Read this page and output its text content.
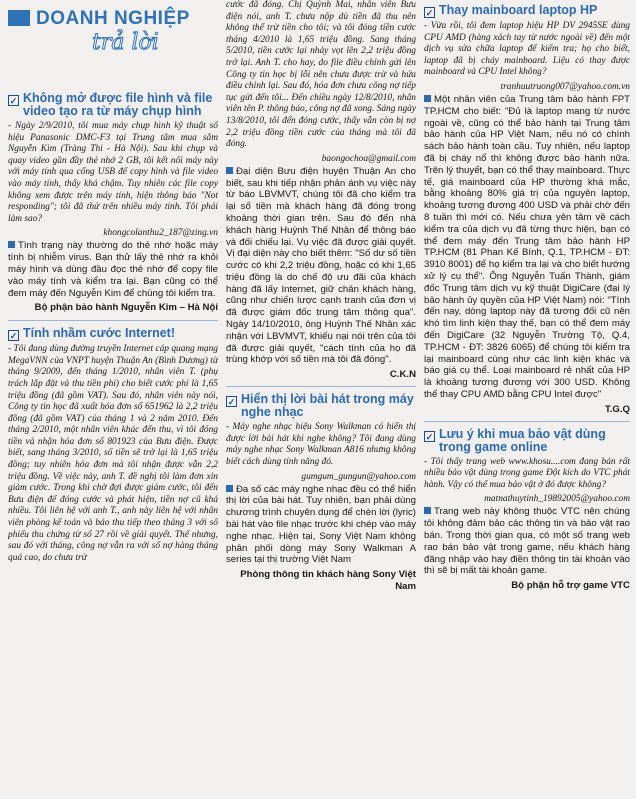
DOANH NGHIỆP
trả lời
✓ Không mở được file hình và file video tạo ra từ máy chụp hình

- Ngày 2/9/2010, tôi mua máy chụp hình kỹ thuật số hiệu Panasonic DMC-F3 tại Trung tâm mua sắm Nguyễn Kim (Tràng Thi - Hà Nội). Sau khi chụp và quay video gần đầy thẻ nhớ 2 GB, tôi kết nối máy này với máy tính qua cổng USB để copy hình và file video vào máy tính, thấy khá chậm. Tuy nhiên các file copy không xem được trên máy tính, hiện thông báo "Not responding"; tôi đã thử trên nhiều máy tính. Tôi phải làm sao?

khongcolanthu2_187@zing.vn

Tình trạng này thường do thẻ nhớ hoặc máy tính bị nhiễm virus. Bạn thử lấy thẻ nhớ ra khỏi máy hình và dùng đầu đọc thẻ nhớ để copy file vào máy tính và kiểm tra lại. Bạn cũng có thể đem máy đến Nguyễn Kim để chúng tôi kiểm tra.

Bộ phận bảo hành Nguyễn Kim – Hà Nội

✓ Tính nhầm cước Internet!

- Tôi đang dùng đường truyền Internet cáp quang mạng MegaVNN của VNPT huyện Thuận An (Bình Dương) từ tháng 9/2009, đến tháng 1/2010, nhân viên T. (phụ trách lắp đặt và thu tiền phí) cho biết cước phí là 1,65 triệu đồng (đã gồm VAT). Sau đó, nhân viên này nói, Công ty tin học đã xuất hóa đơn số 651962 là 2,2 triệu đồng (đã gồm VAT) của tháng 1 và 2 năm 2010. Đến tháng 2/2010, một nhân viên khác đến thu, vì tôi đóng tiền và nhận hóa đơn số 801923 của Bưu điện. Được biết, sang tháng 3/2010, số tiền sẽ trở lại là 1,65 triệu đồng; tuy nhiên hóa đơn mà tôi nhận được vẫn 2,2 triệu đồng. Về việc này, anh T. đề nghị tôi làm đơn xin giảm cước. Trong khi chờ đợi được giảm cước, tôi đến Bưu điện để đóng cước và phát hiện, tiền nợ cũ khá nhiều. Tôi liên hệ với anh T., anh này liên hệ với nhân viên phòng kế toán và báo thu tiếp theo tháng 3 với số phiếu thu chứng từ số 27 rồi về giải quyết. Thế nhưng, sau đó với tháng, công nợ vẫn ra với số nợ hàng tháng quá cao, do chưa trừ

cước đã đóng. Chị Quỳnh Mai, nhân viên Bưu điện nói, anh T. chưa nộp dù tiền đã thu nên không thể trừ tiền cho tôi; và tôi đóng tiền cước tháng 4/2010 là 1,65 triệu đồng. Sang tháng 5/2010, tiền cước lại nhảy vọt lên 2,2 triệu đồng trở lại. Anh T. cho hay, do file điều chỉnh gửi lên Công ty tin học bị lỗi nên chưa được trừ và hứa điều chỉnh lại. Sau đó, hóa đơn chưa công nợ tiếp tục gửi đến tôi... Đến chiều ngày 12/8/2010, nhân viên tên P. thông báo, công nợ đã xong. Sáng ngày 13/8/2010, tôi đến đóng cước, thấy vẫn còn bị nợ 2,2 triệu đồng tiền cước của tháng mà tôi đã đóng.

baongochoa@gmail.com

Đại diện Bưu điện huyện Thuận An cho biết, sau khi tiếp nhận phản ánh vụ việc này từ báo LBVMVT, chúng tôi đã cho kiểm tra lại số tiền mà khách hàng đã đóng trong khoảng thời gian trên. Sau đó đến nhà khách hàng Huỳnh Thế Nhân để thông báo và đối chiếu lại. Vụ việc đã được giải quyết. Vị đại diện này cho biết thêm: "Số dư số tiền cước có khi 2,2 triệu đồng, hoặc có khi 1,65 triệu đồng là do chế độ ưu đãi của khách hàng đã lấy Internet, giữ chân khách hàng, cũng như chiến lược cạnh tranh của đơn vị đã được giám đốc trung tâm thông qua". Ngày 14/10/2010, ông Huỳnh Thế Nhân xác nhận với LBVMVT, khiếu nại nói trên của tôi đã được giải quyết, "cách tính của họ đã trùng khớp với số tiền mà tôi đã đóng".

C.K.N

✓ Hiển thị lời bài hát trong máy nghe nhạc

- Máy nghe nhạc hiệu Sony Walkman có hiển thị được lời bài hát khi nghe không? Tôi đang dùng máy nghe nhạc Sony Walkman A816 nhưng không biết cách dùng tính năng đó.

gumgum_gungun@yahoo.com

Đa số các máy nghe nhạc đều có thể hiển thị lời của bài hát. Tuy nhiên, bạn phải dùng chương trình chuyên dụng để chèn lời (lyric) bài hát vào file nhạc trước khi chép vào máy nghe nhạc. Hiện tại, Sony Việt Nam không phân phối dòng máy Sony Walkman A series tại thị trường Việt Nam

Phòng thông tin khách hàng Sony Việt Nam

✓ Thay mainboard laptop HP

- Vừa rồi, tôi đem laptop hiệu HP DV 2945SE dùng CPU AMD (hàng xách tay từ nước ngoài về) đến một dịch vụ sửa chữa laptop để kiểm tra; họ cho biết, laptop đã bị cháy mainboard. Liệu có thay được mainboard và CPU Intel không?

tranhuutruong007@yahoo.com.vn

Một nhân viên của Trung tâm bảo hành FPT TP.HCM cho biết: "Đủ là laptop mang từ nước ngoài về, cũng có thể bảo hành tại Trung tâm bảo hành của HP Việt Nam, nếu nó có chính sách bảo hành toàn cầu. Tuy nhiên, nếu laptop đã bị cháy nổ thì không được bảo hành nữa. Trên lý thuyết, bạn có thể thay mainboard. Thực tế, giá mainboard của HP thường khá mắc, bằng khoảng 80% giá trị của nguyên laptop, khoảng tương đương 400 USD và phải chờ đến 8 tuần thì mới có. Nếu chưa yên tâm về cách kiểm tra của dịch vụ đã từng thực hiện, bạn có thể đem máy đến Trung tâm bảo hành HP TP.HCM (81 Phan Kế Bính, Q.1, TP.HCM - ĐT: 3910 8001) để họ kiểm tra lại và cho biết hướng xử lý cụ thể". Ông Nguyễn Tuấn Thành, giám đốc Trung tâm dịch vụ kỹ thuật DigiCare (đại lý bảo hành ủy quyền của HP Việt Nam) nói: "Tính đến nay, dòng laptop này đã tương đối cũ nên khó tìm linh kiện thay thế, bạn có thể đem máy đến DigiCare (32 Nguyễn Trường Tộ, Q.4, TP.HCM - ĐT: 3826 6065) để chúng tôi kiểm tra lại mainboard cùng như các linh kiện khác và báo giá cụ thể. Loại mainboard rẻ nhất của HP là khoảng tương đương với 300 USD. Không thể thay CPU AMD bằng CPU Intel được"

T.G.Q

✓ Lưu ý khi mua bảo vật dùng trong game online

- Tôi thấy trang web www.khosu....com đang bán rất nhiều bảo vật dùng trong game Đột kích do VTC phát hành. Vậy có thể mua bảo vật ở đó được không?

matnathuytinh_19892005@yahoo.com

Trang web này không thuộc VTC nên chúng tôi không đảm bảo các thông tin và bảo vật rao bán. Trong thời gian qua, có một số trang web rao bán bảo vật trong game, nếu khách hàng đăng nhập vào hay điền thông tin tài khoản vào thì sẽ bị mất tài khoản game.

Bộ phận hỗ trợ game VTC
